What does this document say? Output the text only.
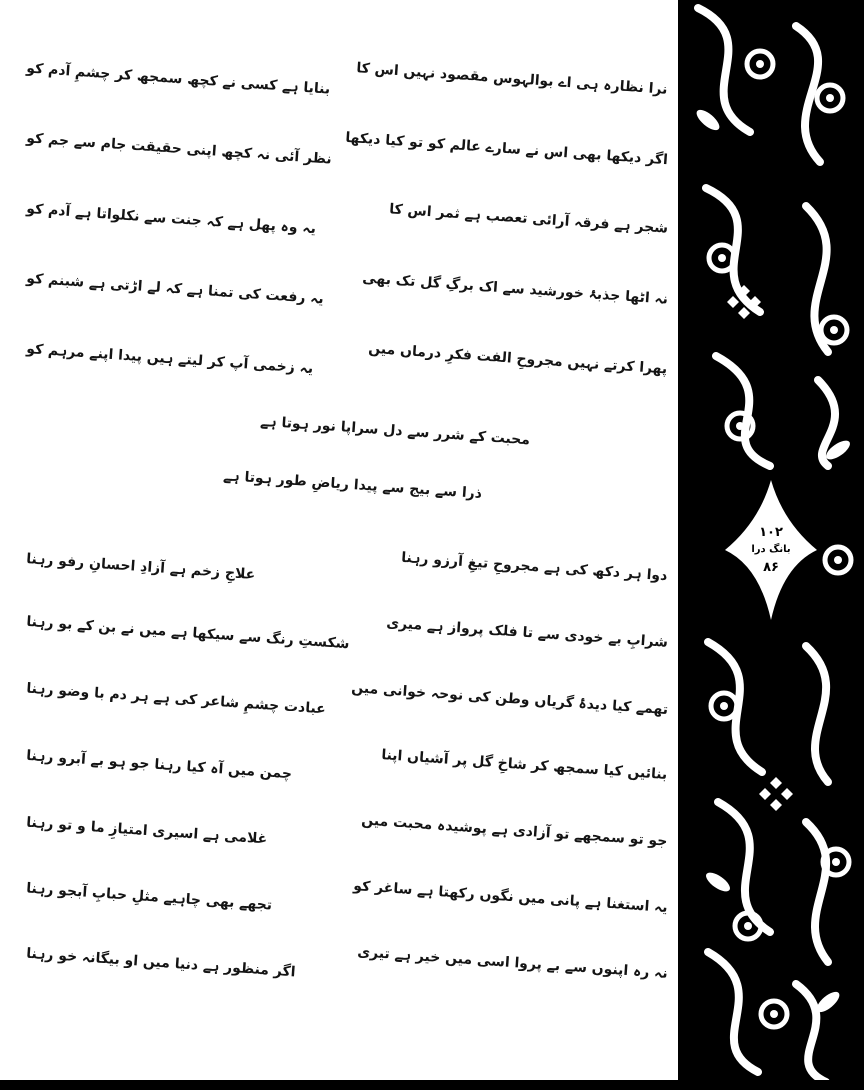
نرا نظارہ ہی اے بوالہوس مقصود نہیں اس کا
بنایا ہے کسی نے کچھ سمجھ کر چشمِ آدم کو
اگر دیکھا بھی اس نے سارے عالم کو تو کیا دیکھا
نظر آئی نہ کچھ اپنی حقیقت جام سے جم کو
شجر ہے فرقہ آرائی تعصب ہے ثمر اس کا
یہ وہ پھل ہے کہ جنت سے نکلواتا ہے آدم کو
نہ اٹھا جذبۂ خورشید سے اک برگِ گل تک بھی
یہ رفعت کی تمنا ہے کہ لے اڑتی ہے شبنم کو
پھرا کرتے نہیں مجروحِ الفت فکرِ درماں میں
یہ زخمی آپ کر لیتے ہیں پیدا اپنے مرہم کو
محبت کے شرر سے دل سراپا نور ہوتا ہے
ذرا سے بیج سے پیدا ریاضِ طور ہوتا ہے
دوا ہر دکھ کی ہے مجروحِ تیغِ آرزو رہنا
علاجِ زخم ہے آزادِ احسانِ رفو رہنا
شرابِ بے خودی سے تا فلک پرواز ہے میری
شکستِ رنگ سے سیکھا ہے میں نے بن کے بو رہنا
تھمے کیا دیدۂ گریاں وطن کی نوحہ خوانی میں
عبادت چشمِ شاعر کی ہے ہر دم با وضو رہنا
بنائیں کیا سمجھ کر شاخِ گل پر آشیاں اپنا
چمن میں آہ کیا رہنا جو ہو بے آبرو رہنا
جو تو سمجھے تو آزادی ہے پوشیدہ محبت میں
غلامی ہے اسیری امتیازِ ما و تو رہنا
یہ استغنا ہے پانی میں نگوں رکھتا ہے ساغر کو
تجھے بھی چاہیے مثلِ حبابِ آبجو رہنا
نہ رہ اپنوں سے بے پروا اسی میں خیر ہے تیری
اگر منظور ہے دنیا میں او بیگانہ خو رہنا
۱۰۲
بانگ درا
۸۶
